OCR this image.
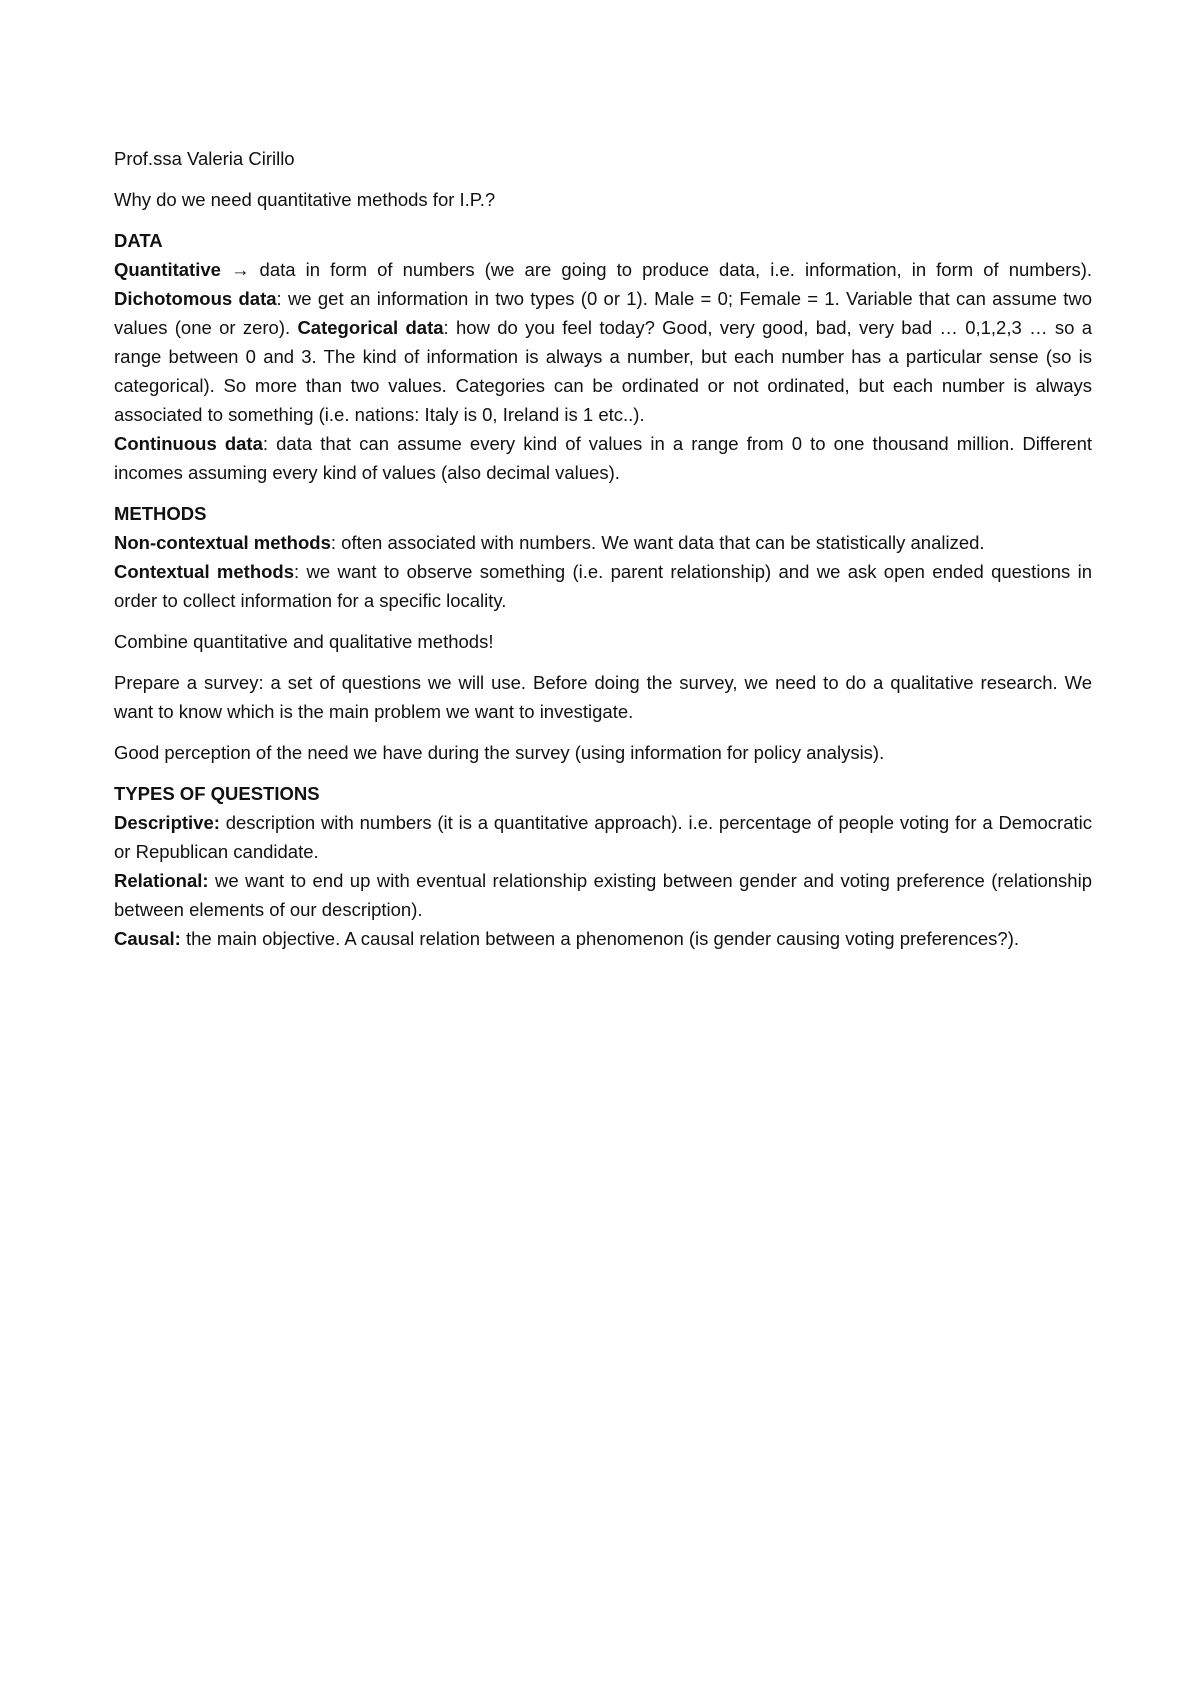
Prof.ssa Valeria Cirillo
Why do we need quantitative methods for I.P.?
DATA

Quantitative → data in form of numbers (we are going to produce data, i.e. information, in form of numbers). Dichotomous data: we get an information in two types (0 or 1). Male = 0; Female = 1. Variable that can assume two values (one or zero). Categorical data: how do you feel today? Good, very good, bad, very bad … 0,1,2,3 … so a range between 0 and 3. The kind of information is always a number, but each number has a particular sense (so is categorical). So more than two values. Categories can be ordinated or not ordinated, but each number is always associated to something (i.e. nations: Italy is 0, Ireland is 1 etc..).

Continuous data: data that can assume every kind of values in a range from 0 to one thousand million. Different incomes assuming every kind of values (also decimal values).

METHODS

Non-contextual methods: often associated with numbers. We want data that can be statistically analized.

Contextual methods: we want to observe something (i.e. parent relationship) and we ask open ended questions in order to collect information for a specific locality.

Combine quantitative and qualitative methods!

Prepare a survey: a set of questions we will use. Before doing the survey, we need to do a qualitative research. We want to know which is the main problem we want to investigate.

Good perception of the need we have during the survey (using information for policy analysis).

TYPES OF QUESTIONS

Descriptive: description with numbers (it is a quantitative approach). i.e. percentage of people voting for a Democratic or Republican candidate.

Relational: we want to end up with eventual relationship existing between gender and voting preference (relationship between elements of our description).

Causal: the main objective. A causal relation between a phenomenon (is gender causing voting preferences?).
